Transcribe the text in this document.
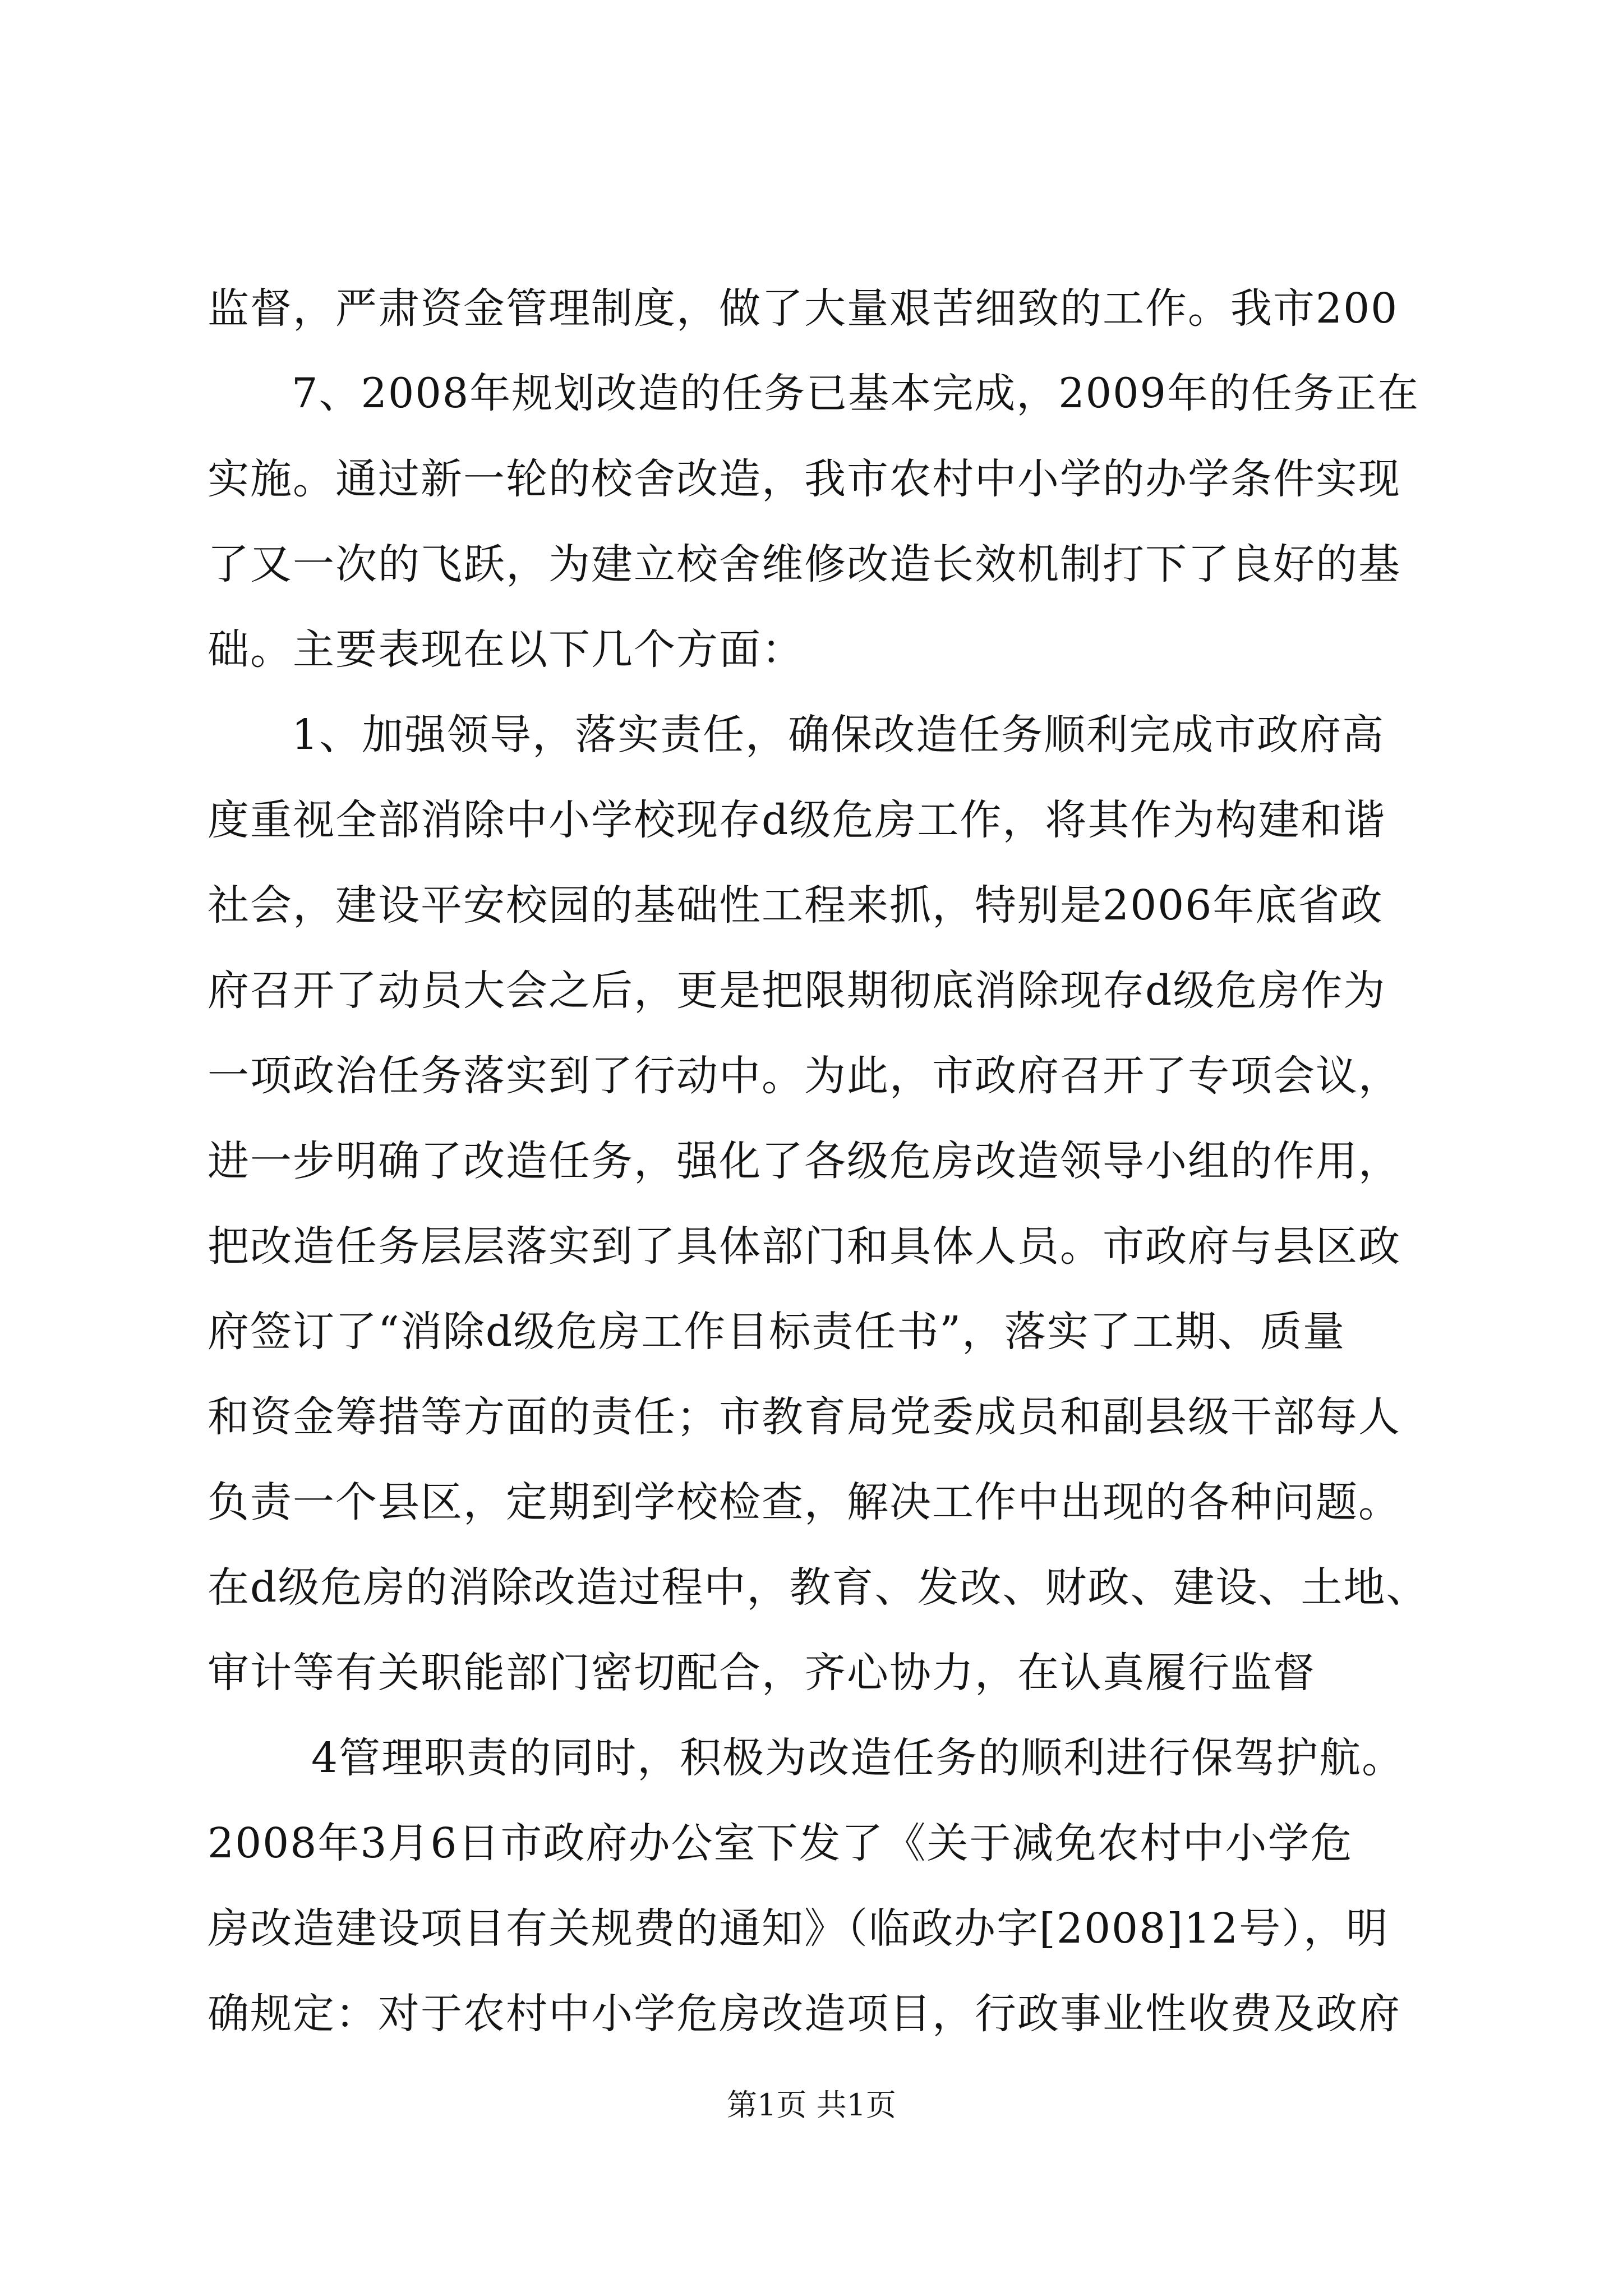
监督，严肃资金管理制度，做了大量艰苦细致的工作。我市200
7、2008年规划改造的任务已基本完成，2009年的任务正在
实施。通过新一轮的校舍改造，我市农村中小学的办学条件实现
了又一次的飞跃，为建立校舍维修改造长效机制打下了良好的基
础。主要表现在以下几个方面：
1、加强领导，落实责任，确保改造任务顺利完成市政府高
度重视全部消除中小学校现存d级危房工作，将其作为构建和谐
社会，建设平安校园的基础性工程来抓，特别是2006年底省政
府召开了动员大会之后，更是把限期彻底消除现存d级危房作为
一项政治任务落实到了行动中。为此，市政府召开了专项会议，
进一步明确了改造任务，强化了各级危房改造领导小组的作用，
把改造任务层层落实到了具体部门和具体人员。市政府与县区政
府签订了“消除d级危房工作目标责任书”，落实了工期、质量
和资金筹措等方面的责任；市教育局党委成员和副县级干部每人
负责一个县区，定期到学校检查，解决工作中出现的各种问题。
在d级危房的消除改造过程中，教育、发改、财政、建设、土地、
审计等有关职能部门密切配合，齐心协力，在认真履行监督
4管理职责的同时，积极为改造任务的顺利进行保驾护航。
2008年3月6日市政府办公室下发了《关于减免农村中小学危
房改造建设项目有关规费的通知》（临政办字[2008]12号），明
确规定：对于农村中小学危房改造项目，行政事业性收费及政府
第1页 共1页
